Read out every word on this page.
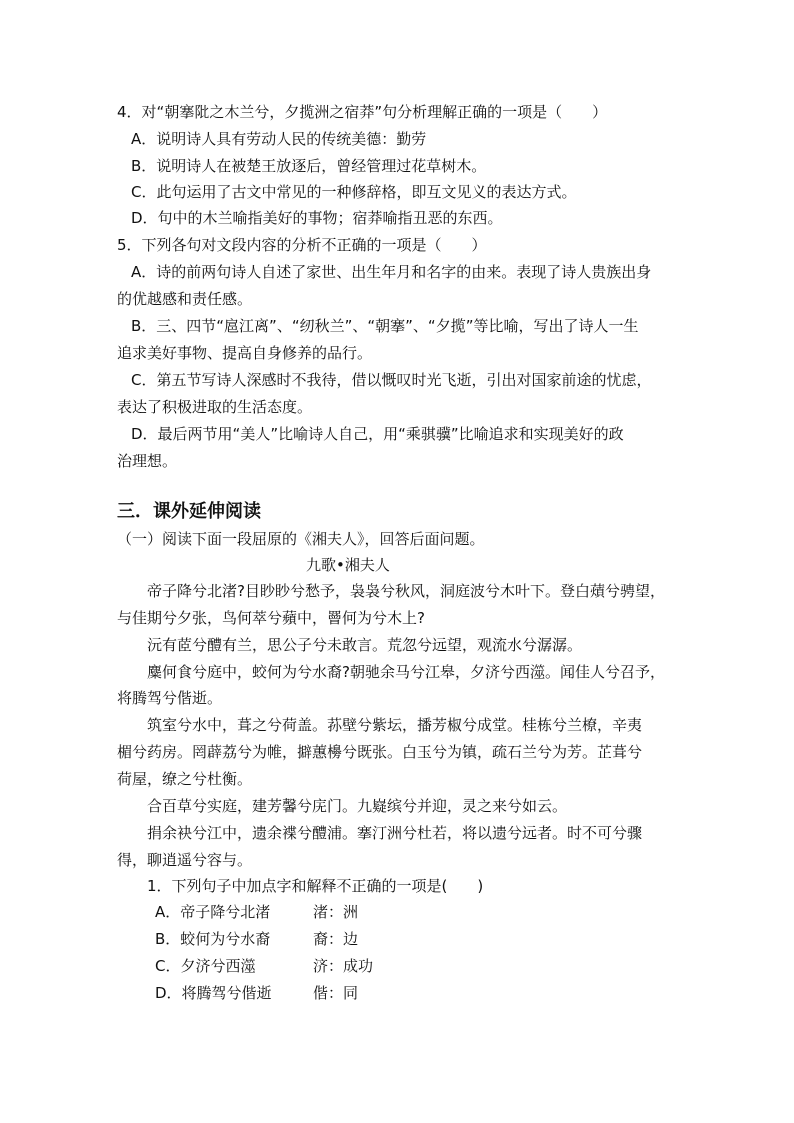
4．对“朝搴阰之木兰兮，夕揽洲之宿莽”句分析理解正确的一项是（　　）
A．说明诗人具有劳动人民的传统美德：勤劳
B．说明诗人在被楚王放逐后，曾经管理过花草树木。
C．此句运用了古文中常见的一种修辞格，即互文见义的表达方式。
D．句中的木兰喻指美好的事物；宿莽喻指丑恶的东西。
5．下列各句对文段内容的分析不正确的一项是（　　）
A．诗的前两句诗人自述了家世、出生年月和名字的由来。表现了诗人贵族出身
的优越感和责任感。
B．三、四节“扈江离”、“纫秋兰”、“朝搴”、“夕揽”等比喻，写出了诗人一生
追求美好事物、提高自身修养的品行。
C．第五节写诗人深感时不我待，借以慨叹时光飞逝，引出对国家前途的忧虑，
表达了积极进取的生活态度。
D．最后两节用“美人”比喻诗人自己，用“乘骐骥”比喻追求和实现美好的政
治理想。
三．课外延伸阅读
（一）阅读下面一段屈原的《湘夫人》，回答后面问题。
九歌•湘夫人
帝子降兮北渚?目眇眇兮愁予，袅袅兮秋风，洞庭波兮木叶下。登白薠兮骋望，
与佳期兮夕张，鸟何萃兮蘋中，罾何为兮木上?
沅有茝兮醴有兰，思公子兮未敢言。荒忽兮远望，观流水兮潺潺。
麋何食兮庭中，蛟何为兮水裔?朝驰余马兮江皋，夕济兮西澨。闻佳人兮召予，
将腾驾兮偕逝。
筑室兮水中，葺之兮荷盖。荪壁兮紫坛，播芳椒兮成堂。桂栋兮兰橑，辛夷
楣兮药房。罔薜荔兮为帷，擗蕙櫋兮既张。白玉兮为镇，疏石兰兮为芳。芷葺兮
荷屋，缭之兮杜衡。
合百草兮实庭，建芳馨兮庑门。九嶷缤兮并迎，灵之来兮如云。
捐余袂兮江中，遗余褋兮醴浦。搴汀洲兮杜若，将以遗兮远者。时不可兮骤
得，聊逍遥兮容与。
1．下列句子中加点字和解释不正确的一项是(　　)
A．帝子降兮北渚	渚：洲
B．蛟何为兮水裔	裔：边
C．夕济兮西澨	济：成功
D．将腾驾兮偕逝	偕：同
